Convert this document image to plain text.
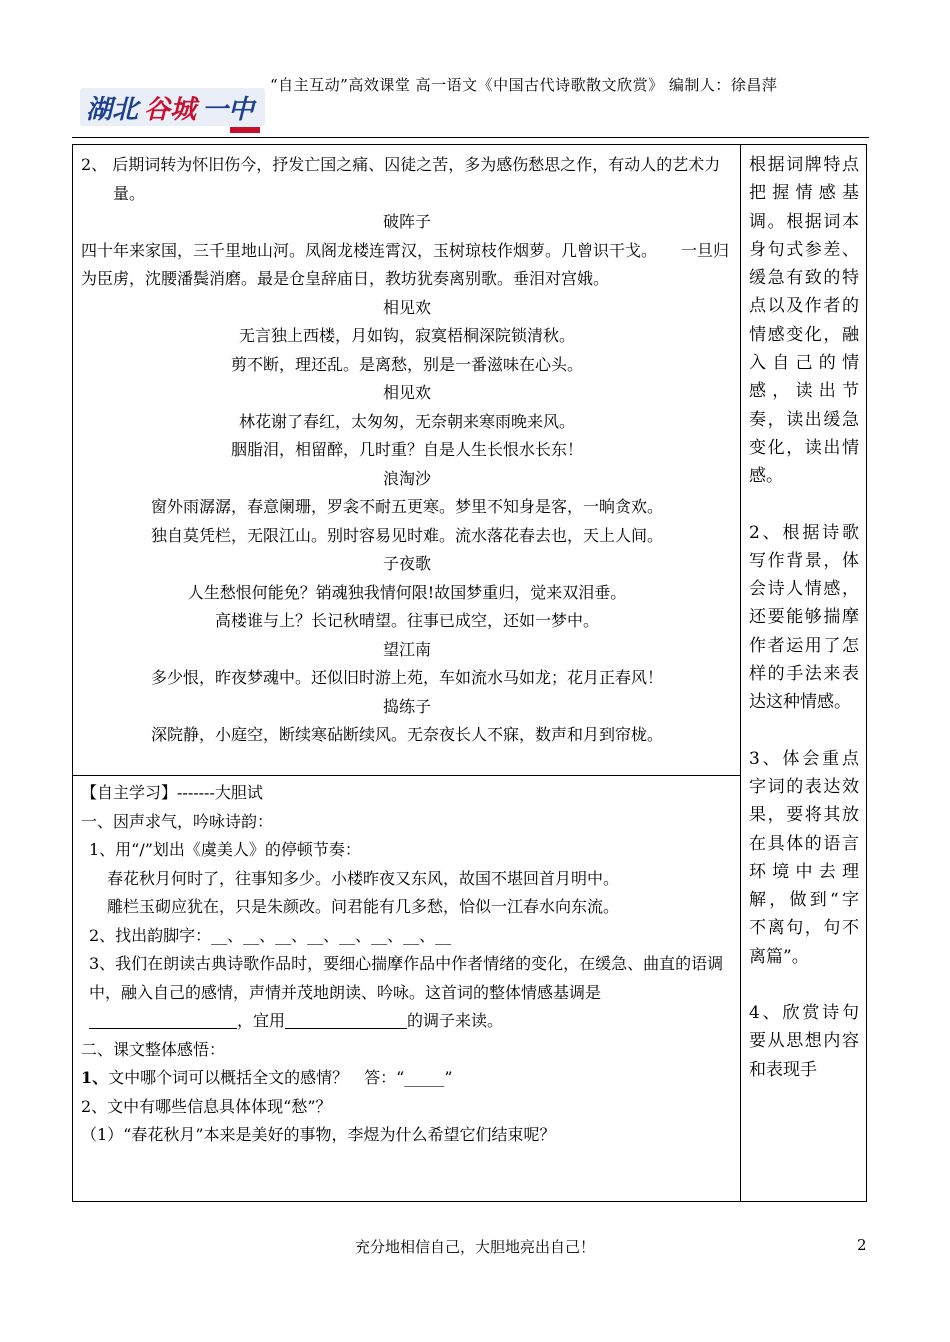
湖北 谷城 一中
“自主互动”高效课堂 高一语文《中国古代诗歌散文欣赏》 编制人：徐昌萍

2、 后期词转为怀旧伤今，抒发亡国之痛、囚徒之苦，多为感伤愁思之作，有动人的艺术力量。

破阵子

四十年来家国，三千里地山河。凤阁龙楼连霄汉，玉树琼枝作烟萝。几曾识干戈。　　一旦归为臣虏，沈腰潘鬓消磨。最是仓皇辞庙日，教坊犹奏离别歌。垂泪对宫娥。

相见欢

无言独上西楼，月如钩，寂寞梧桐深院锁清秋。

剪不断，理还乱。是离愁，别是一番滋味在心头。

相见欢

林花谢了春红，太匆匆，无奈朝来寒雨晚来风。

胭脂泪，相留醉，几时重？自是人生长恨水长东！

浪淘沙

窗外雨潺潺，春意阑珊，罗衾不耐五更寒。梦里不知身是客，一晌贪欢。

独自莫凭栏，无限江山。别时容易见时难。流水落花春去也，天上人间。

子夜歌

人生愁恨何能免？销魂独我情何限!故国梦重归，觉来双泪垂。

高楼谁与上？长记秋晴望。往事已成空，还如一梦中。

望江南

多少恨，昨夜梦魂中。还似旧时游上苑，车如流水马如龙；花月正春风！

捣练子

深院静，小庭空，断续寒砧断续风。无奈夜长人不寐，数声和月到帘栊。

【自主学习】-------大胆试

一、因声求气，吟咏诗韵：

1、用“/”划出《虞美人》的停顿节奏：

春花秋月何时了，往事知多少。小楼昨夜又东风，故国不堪回首月明中。

雕栏玉砌应犹在，只是朱颜改。问君能有几多愁，恰似一江春水向东流。

2、找出韵脚字：__、__、__、__、__、__、__、__

3、我们在朗读古典诗歌作品时，要细心揣摩作品中作者情绪的变化，在缓急、曲直的语调中，融入自己的感情，声情并茂地朗读、吟咏。这首词的整体情感基调是，宜用	的调子来读。

二、课文整体感悟：

1、文中哪个词可以概括全文的感情？　答：“_____”

2、文中有哪些信息具体体现“愁”？

（1）“春花秋月”本来是美好的事物，李煜为什么希望它们结束呢？

根据词牌特点把握情感基调。根据词本身句式参差、缓急有致的特点以及作者的情感变化，融入自己的情感，读出节奏，读出缓急变化，读出情感。

2、根据诗歌写作背景，体会诗人情感，还要能够揣摩作者运用了怎样的手法来表达这种情感。

3、体会重点字词的表达效果，要将其放在具体的语言环境中去理解，做到“字不离句，句不离篇”。

4、欣赏诗句要从思想内容和表现手

充分地相信自己，大胆地亮出自己！	2
